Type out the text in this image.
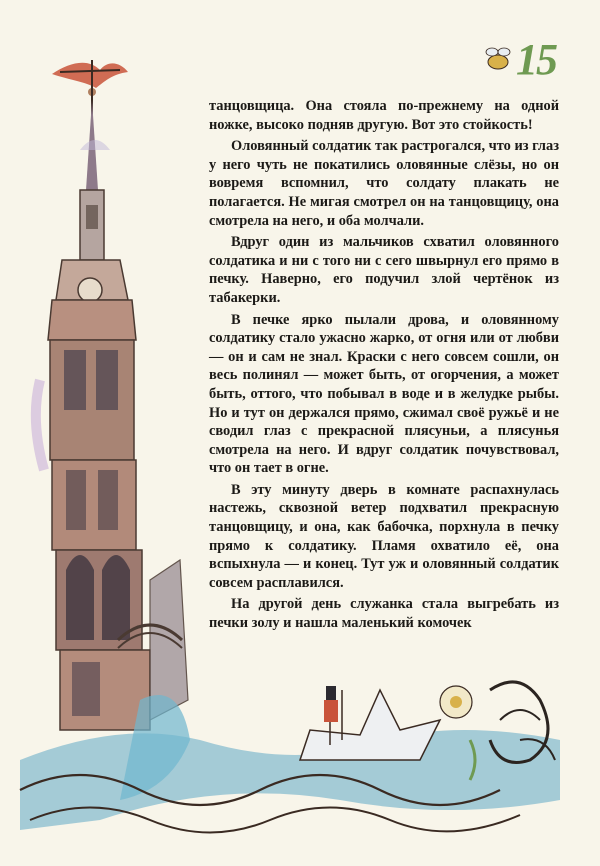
15

танцовщица. Она стояла по-прежнему на одной ножке, высоко подняв другую. Вот это стойкость!

Оловянный солдатик так растрогался, что из глаз у него чуть не покатились оловянные слёзы, но он вовремя вспомнил, что солдату плакать не полагается. Не мигая смотрел он на танцовщицу, она смотрела на него, и оба молчали.

Вдруг один из мальчиков схватил оловянного солдатика и ни с того ни с сего швырнул его прямо в печку. Наверно, его подучил злой чертёнок из табакерки.

В печке ярко пылали дрова, и оловянному солдатику стало ужасно жарко, от огня или от любви — он и сам не знал. Краски с него совсем сошли, он весь полинял — может быть, от огорчения, а может быть, оттого, что побывал в воде и в желудке рыбы. Но и тут он держался прямо, сжимал своё ружьё и не сводил глаз с прекрасной плясуньи, а плясунья смотрела на него. И вдруг солдатик почувствовал, что он тает в огне.

В эту минуту дверь в комнате распахнулась настежь, сквозной ветер подхватил прекрасную танцовщицу, и она, как бабочка, порхнула в печку прямо к солдатику. Пламя охватило её, она вспыхнула — и конец. Тут уж и оловянный солдатик совсем расплавился.

На другой день служанка стала выгребать из печки золу и нашла маленький комочек
